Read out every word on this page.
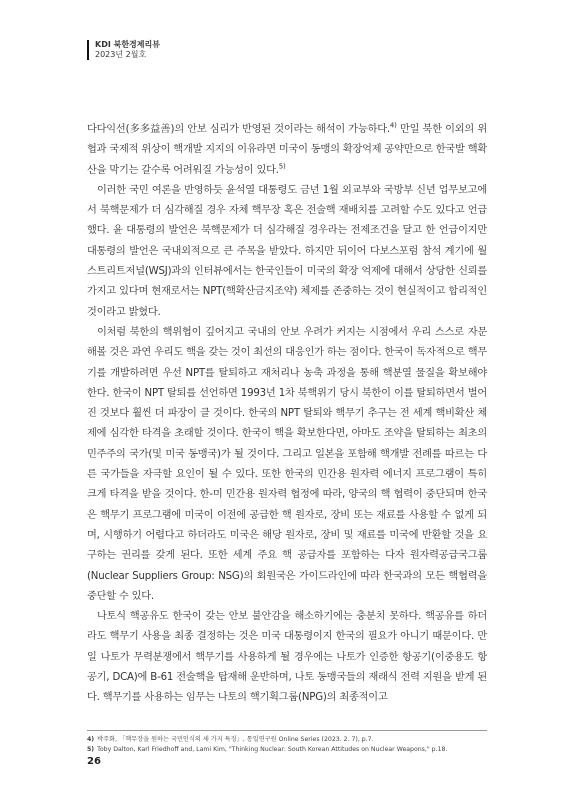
KDI 북한경제리뷰
2023년 2월호

다다익선(多多益善)의 안보 심리가 반영된 것이라는 해석이 가능하다.$^{4)}$ 만일 북한 이외의 위협과 국제적 위상이 핵개발 지지의 이유라면 미국이 동맹의 확장억제 공약만으로 한국발 핵확산을 막기는 갈수록 어려워질 가능성이 있다.$^{5)}$

이러한 국민 여론을 반영하듯 윤석열 대통령도 금년 1월 외교부와 국방부 신년 업무보고에서 북핵문제가 더 심각해질 경우 자체 핵무장 혹은 전술핵 재배치를 고려할 수도 있다고 언급했다. 윤 대통령의 발언은 북핵문제가 더 심각해질 경우라는 전제조건을 달고 한 언급이지만 대통령의 발언은 국내외적으로 큰 주목을 받았다. 하지만 뒤이어 다보스포럼 참석 계기에 월스트리트저널(WSJ)과의 인터뷰에서는 한국인들이 미국의 확장 억제에 대해서 상당한 신뢰를 가지고 있다며 현재로서는 NPT(핵확산금지조약) 체제를 존중하는 것이 현실적이고 합리적인 것이라고 밝혔다.

이처럼 북한의 핵위협이 깊어지고 국내의 안보 우려가 커지는 시점에서 우리 스스로 자문해볼 것은 과연 우리도 핵을 갖는 것이 최선의 대응인가 하는 점이다. 한국이 독자적으로 핵무기를 개발하려면 우선 NPT를 탈퇴하고 재처리나 농축 과정을 통해 핵분열 물질을 확보해야 한다. 한국이 NPT 탈퇴를 선언하면 1993년 1차 북핵위기 당시 북한이 이를 탈퇴하면서 벌어진 것보다 훨씬 더 파장이 클 것이다. 한국의 NPT 탈퇴와 핵무기 추구는 전 세계 핵비확산 체제에 심각한 타격을 초래할 것이다. 한국이 핵을 확보한다면, 아마도 조약을 탈퇴하는 최초의 민주주의 국가(및 미국 동맹국)가 될 것이다. 그리고 일본을 포함해 핵개발 전례를 따르는 다른 국가들을 자극할 요인이 될 수 있다. 또한 한국의 민간용 원자력 에너지 프로그램이 특히 크게 타격을 받을 것이다. 한-미 민간용 원자력 협정에 따라, 양국의 핵 협력이 중단되며 한국은 핵무기 프로그램에 미국이 이전에 공급한 핵 원자로, 장비 또는 재료를 사용할 수 없게 되며, 시행하기 어렵다고 하더라도 미국은 해당 원자로, 장비 및 재료를 미국에 반환할 것을 요구하는 권리를 갖게 된다. 또한 세계 주요 핵 공급자를 포함하는 다자 원자력공급국그룹(Nuclear Suppliers Group: NSG)의 회원국은 가이드라인에 따라 한국과의 모든 핵협력을 중단할 수 있다.

나토식 핵공유도 한국이 갖는 안보 불안감을 해소하기에는 충분치 못하다. 핵공유를 하더라도 핵무기 사용을 최종 결정하는 것은 미국 대통령이지 한국의 필요가 아니기 때문이다. 만일 나토가 무력분쟁에서 핵무기를 사용하게 될 경우에는 나토가 인증한 항공기(이중용도 항공기, DCA)에 B-61 전술핵을 탑재해 운반하며, 나토 동맹국들의 재래식 전력 지원을 받게 된다. 핵무기를 사용하는 임무는 나토의 핵기획그룹(NPG)의 최종적이고

4) 박주화, 「핵무장을 원하는 국민인식의 세 가지 특징」, 통일연구원 Online Series (2023. 2. 7), p.7.
5) Toby Dalton, Karl Friedhoff and, Lami Kim, "Thinking Nuclear: South Korean Attitudes on Nuclear Weapons," p.18.
26
